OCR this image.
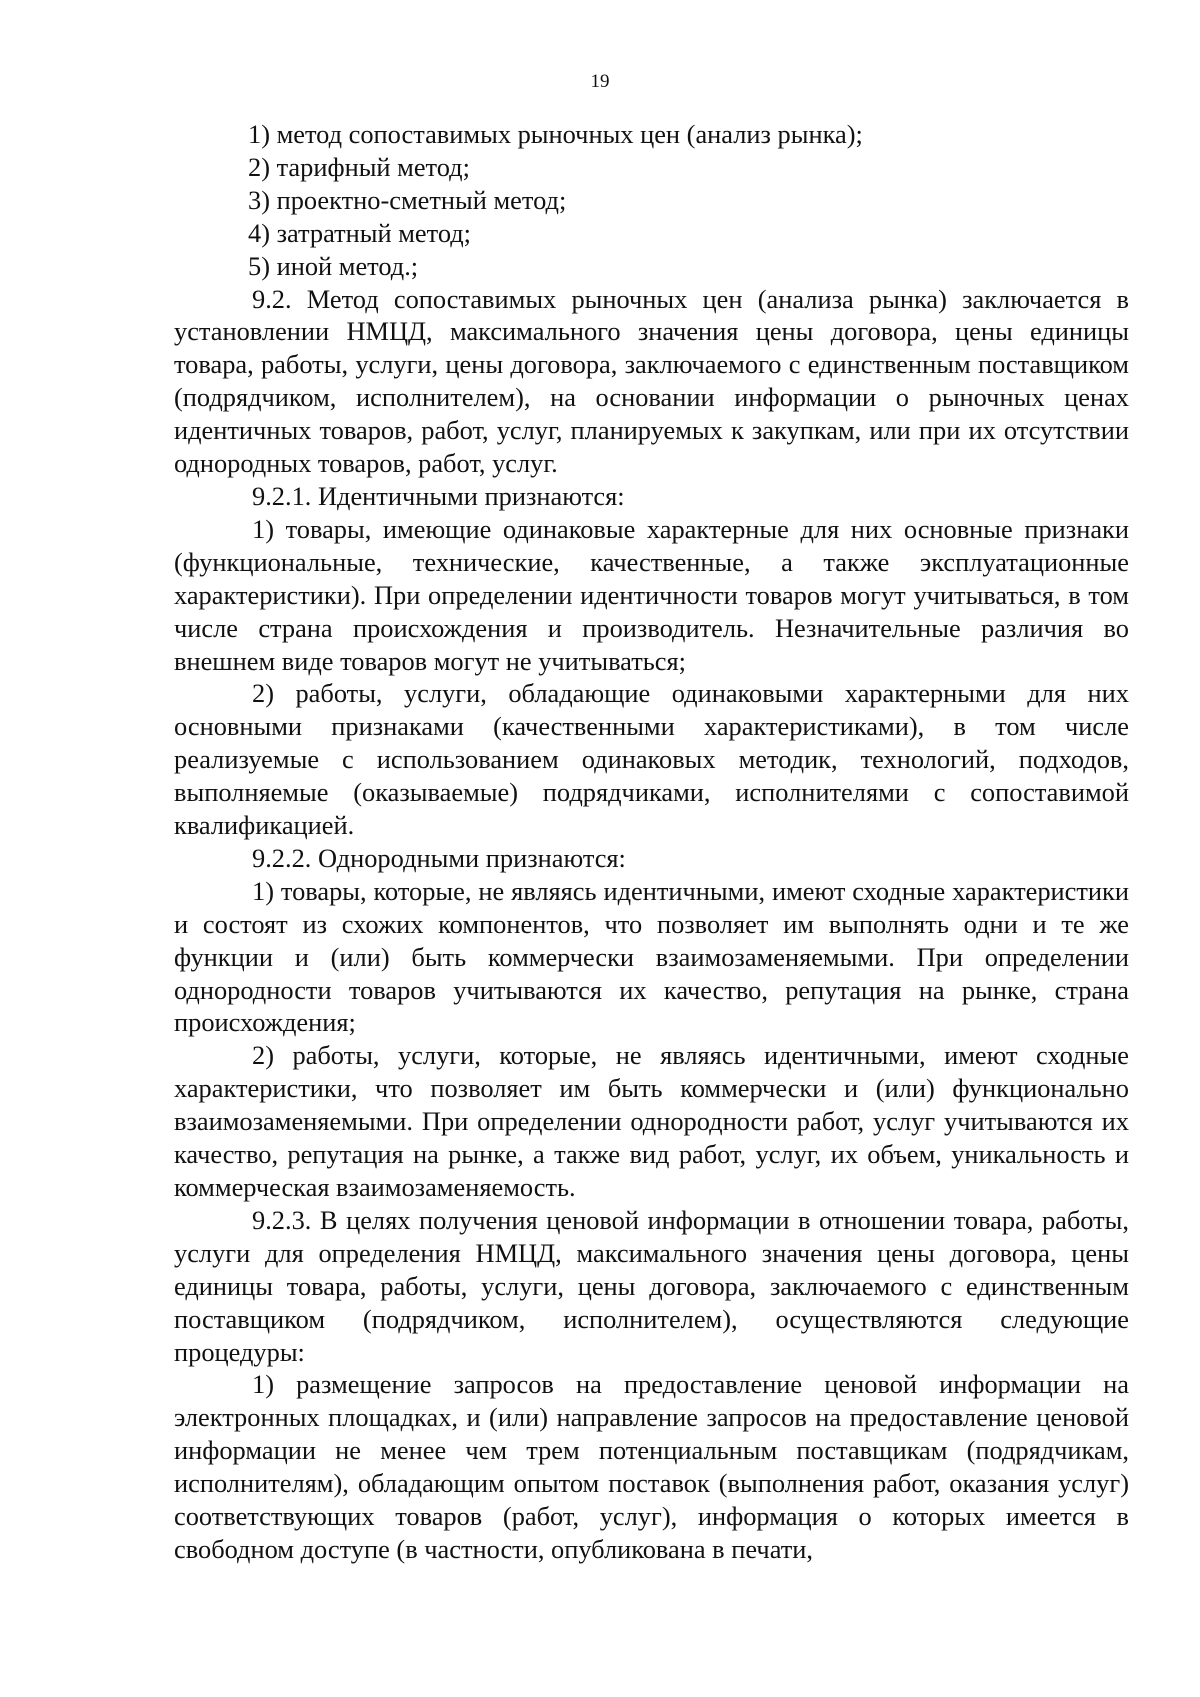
19

1) метод сопоставимых рыночных цен (анализ рынка);

2) тарифный метод;

3) проектно-сметный метод;

4) затратный метод;

5) иной метод.;

9.2. Метод сопоставимых рыночных цен (анализа рынка) заключается в установлении НМЦД, максимального значения цены договора, цены единицы товара, работы, услуги, цены договора, заключаемого с единственным поставщиком (подрядчиком, исполнителем), на основании информации о рыночных ценах идентичных товаров, работ, услуг, планируемых к закупкам, или при их отсутствии однородных товаров, работ, услуг.

9.2.1. Идентичными признаются:

1) товары, имеющие одинаковые характерные для них основные признаки (функциональные, технические, качественные, а также эксплуатационные характеристики). При определении идентичности товаров могут учитываться, в том числе страна происхождения и производитель. Незначительные различия во внешнем виде товаров могут не учитываться;

2) работы, услуги, обладающие одинаковыми характерными для них основными признаками (качественными характеристиками), в том числе реализуемые с использованием одинаковых методик, технологий, подходов, выполняемые (оказываемые) подрядчиками, исполнителями с сопоставимой квалификацией.

9.2.2. Однородными признаются:

1) товары, которые, не являясь идентичными, имеют сходные характеристики и состоят из схожих компонентов, что позволяет им выполнять одни и те же функции и (или) быть коммерчески взаимозаменяемыми. При определении однородности товаров учитываются их качество, репутация на рынке, страна происхождения;

2) работы, услуги, которые, не являясь идентичными, имеют сходные характеристики, что позволяет им быть коммерчески и (или) функционально взаимозаменяемыми. При определении однородности работ, услуг учитываются их качество, репутация на рынке, а также вид работ, услуг, их объем, уникальность и коммерческая взаимозаменяемость.

9.2.3. В целях получения ценовой информации в отношении товара, работы, услуги для определения НМЦД, максимального значения цены договора, цены единицы товара, работы, услуги, цены договора, заключаемого с единственным поставщиком (подрядчиком, исполнителем), осуществляются следующие процедуры:

1) размещение запросов на предоставление ценовой информации на электронных площадках, и (или) направление запросов на предоставление ценовой информации не менее чем трем потенциальным поставщикам (подрядчикам, исполнителям), обладающим опытом поставок (выполнения работ, оказания услуг) соответствующих товаров (работ, услуг), информация о которых имеется в свободном доступе (в частности, опубликована в печати,
